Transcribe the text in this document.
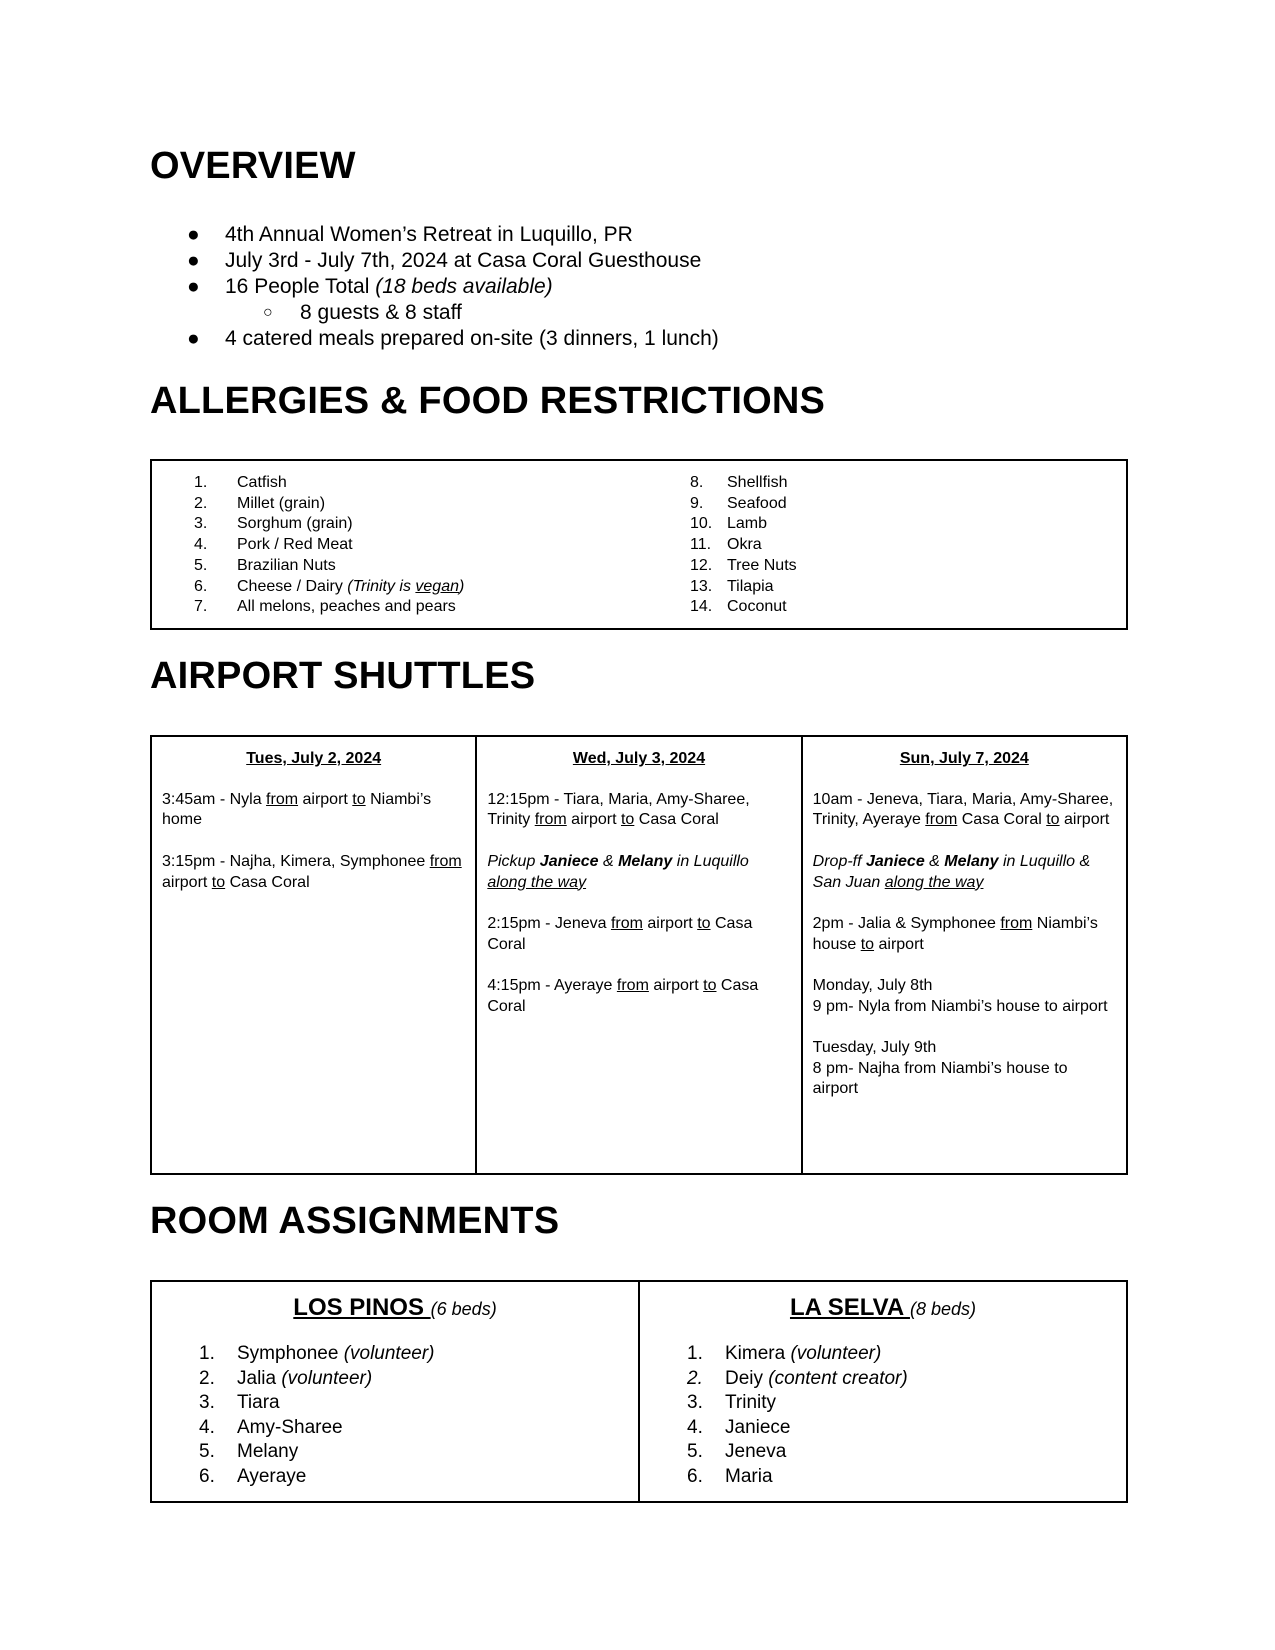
OVERVIEW
● 4th Annual Women’s Retreat in Luquillo, PR
● July 3rd - July 7th, 2024 at Casa Coral Guesthouse
● 16 People Total (18 beds available)
○ 8 guests & 8 staff
● 4 catered meals prepared on-site (3 dinners, 1 lunch)
ALLERGIES & FOOD RESTRICTIONS
1. Catfish
2. Millet (grain)
3. Sorghum (grain)
4. Pork / Red Meat
5. Brazilian Nuts
6. Cheese / Dairy (Trinity is vegan)
7. All melons, peaches and pears
8. Shellfish
9. Seafood
10. Lamb
11. Okra
12. Tree Nuts
13. Tilapia
14. Coconut
AIRPORT SHUTTLES
Tues, July 2, 2024

3:45am - Nyla from airport to Niambi’s home

3:15pm - Najha, Kimera, Symphonee from airport to Casa Coral

Wed, July 3, 2024

12:15pm - Tiara, Maria, Amy-Sharee, Trinity from airport to Casa Coral

Pickup Janiece & Melany in Luquillo along the way

2:15pm - Jeneva from airport to Casa Coral

4:15pm - Ayeraye from airport to Casa Coral

Sun, July 7, 2024

10am - Jeneva, Tiara, Maria, Amy-Sharee, Trinity, Ayeraye from Casa Coral to airport

Drop-ff Janiece & Melany in Luquillo & San Juan along the way

2pm - Jalia & Symphonee from Niambi’s house to airport

Monday, July 8th
9 pm- Nyla from Niambi’s house to airport

Tuesday, July 9th
8 pm- Najha from Niambi’s house to airport

ROOM ASSIGNMENTS
LOS PINOS (6 beds)
1. Symphonee (volunteer)
2. Jalia (volunteer)
3. Tiara
4. Amy-Sharee
5. Melany
6. Ayeraye
LA SELVA (8 beds)
1. Kimera (volunteer)
2. Deiy (content creator)
3. Trinity
4. Janiece
5. Jeneva
6. Maria
